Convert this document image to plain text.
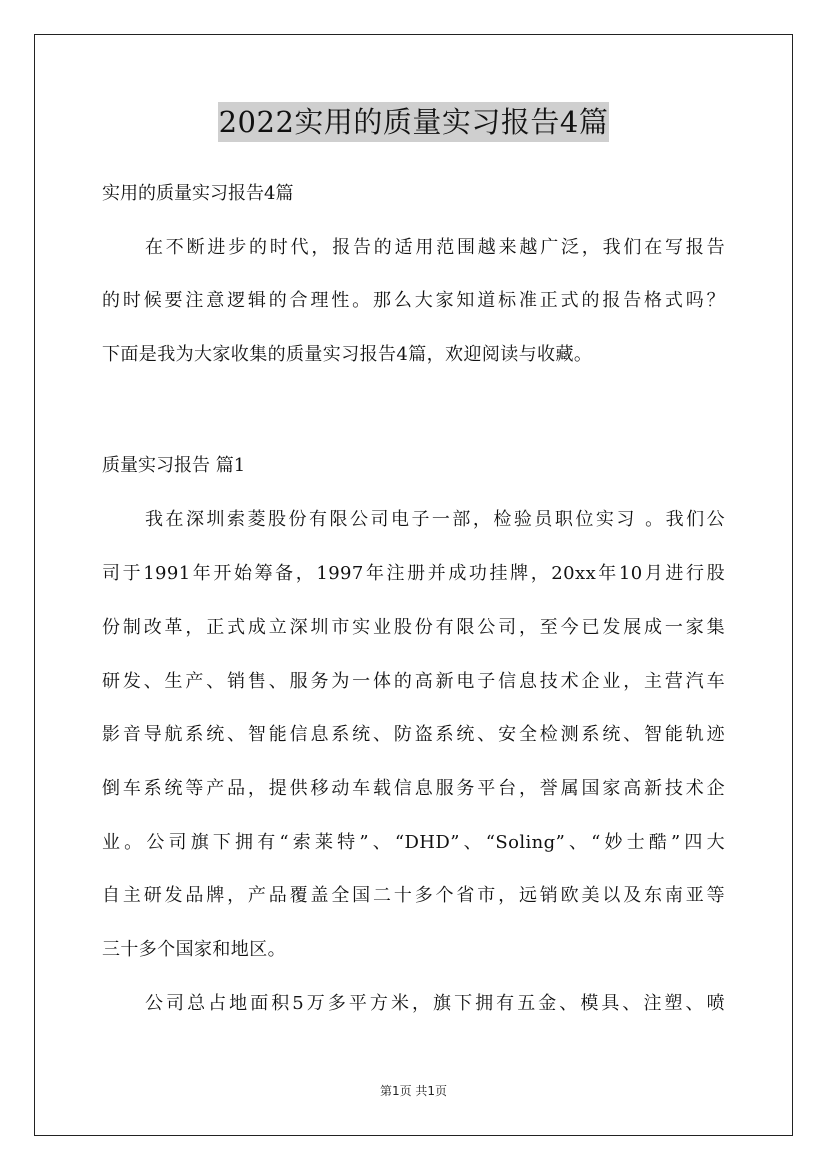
2022实用的质量实习报告4篇
实用的质量实习报告4篇
在不断进步的时代，报告的适用范围越来越广泛，我们在写报告
的时候要注意逻辑的合理性。那么大家知道标准正式的报告格式吗？
下面是我为大家收集的质量实习报告4篇，欢迎阅读与收藏。
质量实习报告 篇1
我在深圳索菱股份有限公司电子一部，检验员职位实习 。我们公
司于1991年开始筹备，1997年注册并成功挂牌，20xx年10月进行股
份制改革，正式成立深圳市实业股份有限公司，至今已发展成一家集
研发、生产、销售、服务为一体的高新电子信息技术企业，主营汽车
影音导航系统、智能信息系统、防盗系统、安全检测系统、智能轨迹
倒车系统等产品，提供移动车载信息服务平台，誉属国家高新技术企
业。公司旗下拥有“索莱特”、“DHD”、“Soling”、“妙士酷”四大
自主研发品牌，产品覆盖全国二十多个省市，远销欧美以及东南亚等
三十多个国家和地区。
公司总占地面积5万多平方米，旗下拥有五金、模具、注塑、喷
第1页 共1页
